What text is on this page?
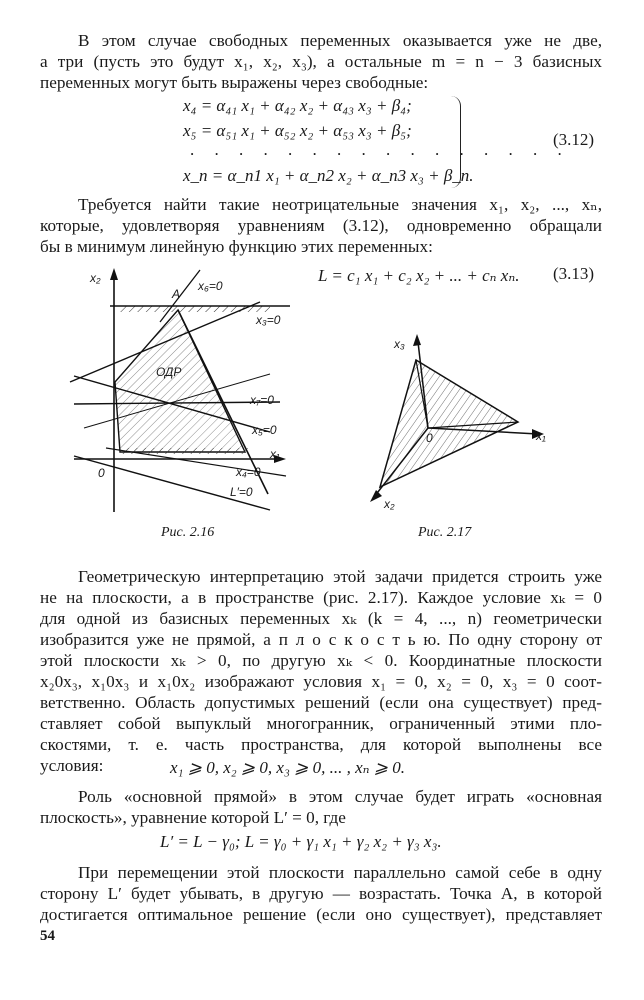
В этом случае свободных переменных оказывается уже не две,
а три (пусть это будут x₁, x₂, x₃), а остальные m = n − 3 базисных
переменных могут быть выражены через свободные:
x₄ = α₄₁ x₁ + α₄₂ x₂ + α₄₃ x₃ + β₄;
x₅ = α₅₁ x₁ + α₅₂ x₂ + α₅₃ x₃ + β₅;
. . . . . . . . . . . . . . . .
x_n = α_n1 x₁ + α_n2 x₂ + α_n3 x₃ + β_n.
(3.12)
Требуется найти такие неотрицательные значения x₁, x₂, ..., xₙ,
которые, удовлетворяя уравнениям (3.12), одновременно обращали
бы в минимум линейную функцию этих переменных:
L = c₁ x₁ + c₂ x₂ + ... + cₙ xₙ. (3.13)
x₂
A
x₆=0
x₃=0
ОДР
x₇=0
x₅=0
0
x₁
x₄=0
L′=0
Рис. 2.16
x₃
x₁
x₂
0
Рис. 2.17
Геометрическую интерпретацию этой задачи придется строить уже
не на плоскости, а в пространстве (рис. 2.17). Каждое условие xₖ = 0
для одной из базисных переменных xₖ (k = 4, ..., n) геометрически
изобразится уже не прямой, а п л о с к о с т ь ю. По одну сторону от
этой плоскости xₖ > 0, по другую xₖ < 0. Координатные плоскости
x₂0x₃, x₁0x₃ и x₁0x₂ изображают условия x₁ = 0, x₂ = 0, x₃ = 0 соот-
ветственно. Область допустимых решений (если она существует) пред-
ставляет собой выпуклый многогранник, ограниченный этими пло-
скостями, т. е. часть пространства, для которой выполнены все
условия:	x₁ ⩾ 0, x₂ ⩾ 0, x₃ ⩾ 0, ... , xₙ ⩾ 0.
Роль «основной прямой» в этом случае будет играть «основная
плоскость», уравнение которой L′ = 0, где
L′ = L − γ₀; L = γ₀ + γ₁ x₁ + γ₂ x₂ + γ₃ x₃.
При перемещении этой плоскости параллельно самой себе в одну
сторону L′ будет убывать, в другую — возрастать. Точка A, в которой
достигается оптимальное решение (если оно существует), представляет
54
